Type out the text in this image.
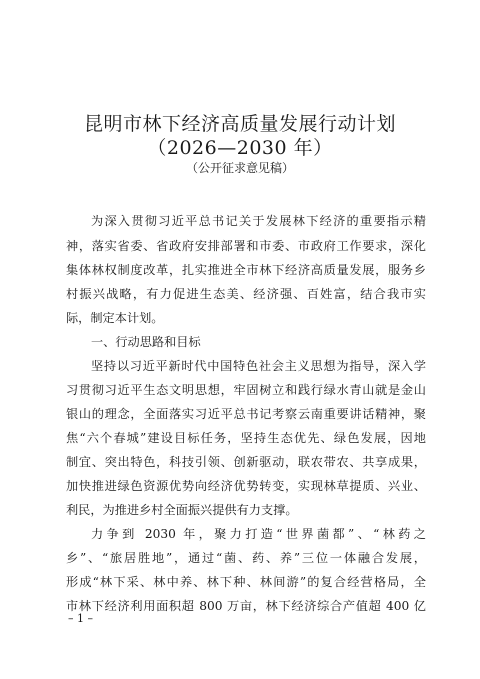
昆明市林下经济高质量发展行动计划
（2026—2030 年）
（公开征求意见稿）
为深入贯彻习近平总书记关于发展林下经济的重要指示精
神，落实省委、省政府安排部署和市委、市政府工作要求，深化
集体林权制度改革，扎实推进全市林下经济高质量发展，服务乡
村振兴战略，有力促进生态美、经济强、百姓富，结合我市实
际，制定本计划。
一、行动思路和目标
坚持以习近平新时代中国特色社会主义思想为指导，深入学
习贯彻习近平生态文明思想，牢固树立和践行绿水青山就是金山
银山的理念，全面落实习近平总书记考察云南重要讲话精神，聚
焦“六个春城”建设目标任务，坚持生态优先、绿色发展，因地
制宜、突出特色，科技引领、创新驱动，联农带农、共享成果，
加快推进绿色资源优势向经济优势转变，实现林草提质、兴业、
利民，为推进乡村全面振兴提供有力支撑。
力争到 2030 年，聚力打造“世界菌都”、“林药之
乡”、“旅居胜地”，通过“菌、药、养”三位一体融合发展，
形成“林下采、林中养、林下种、林间游”的复合经营格局，全
市林下经济利用面积超 800 万亩，林下经济综合产值超 400 亿
– 1 –
